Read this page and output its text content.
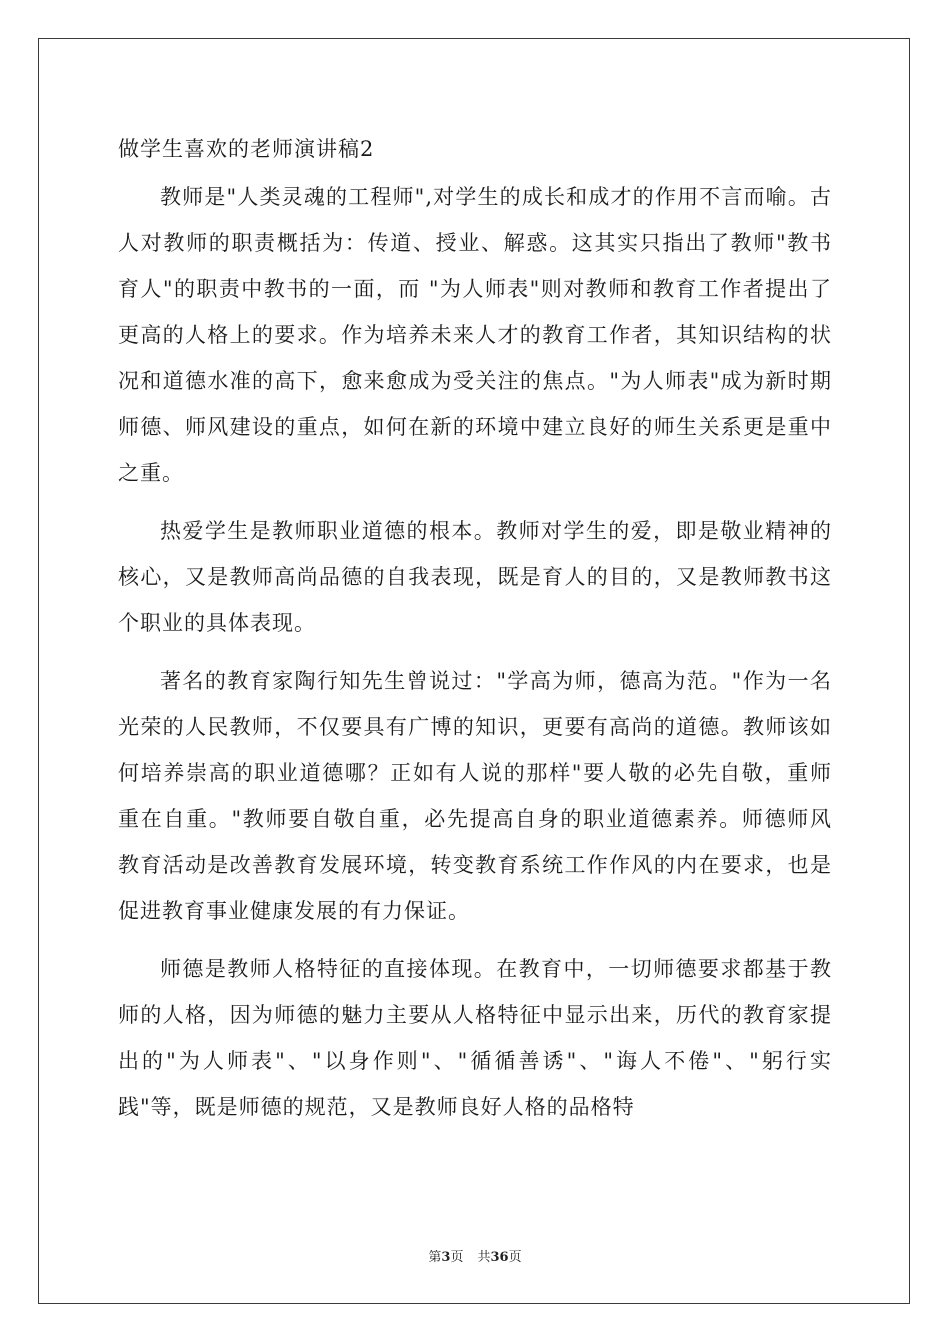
做学生喜欢的老师演讲稿2

教师是"人类灵魂的工程师",对学生的成长和成才的作用不言而喻。古人对教师的职责概括为：传道、授业、解惑。这其实只指出了教师"教书育人"的职责中教书的一面，而 "为人师表"则对教师和教育工作者提出了更高的人格上的要求。作为培养未来人才的教育工作者，其知识结构的状况和道德水准的高下，愈来愈成为受关注的焦点。"为人师表"成为新时期师德、师风建设的重点，如何在新的环境中建立良好的师生关系更是重中之重。

热爱学生是教师职业道德的根本。教师对学生的爱，即是敬业精神的核心，又是教师高尚品德的自我表现，既是育人的目的，又是教师教书这个职业的具体表现。

著名的教育家陶行知先生曾说过："学高为师，德高为范。"作为一名光荣的人民教师，不仅要具有广博的知识，更要有高尚的道德。教师该如何培养崇高的职业道德哪？正如有人说的那样"要人敬的必先自敬，重师重在自重。"教师要自敬自重，必先提高自身的职业道德素养。师德师风教育活动是改善教育发展环境，转变教育系统工作作风的内在要求，也是促进教育事业健康发展的有力保证。

师德是教师人格特征的直接体现。在教育中，一切师德要求都基于教师的人格，因为师德的魅力主要从人格特征中显示出来，历代的教育家提出的"为人师表"、"以身作则"、"循循善诱"、"诲人不倦"、"躬行实践"等，既是师德的规范，又是教师良好人格的品格特

第3页 共36页
